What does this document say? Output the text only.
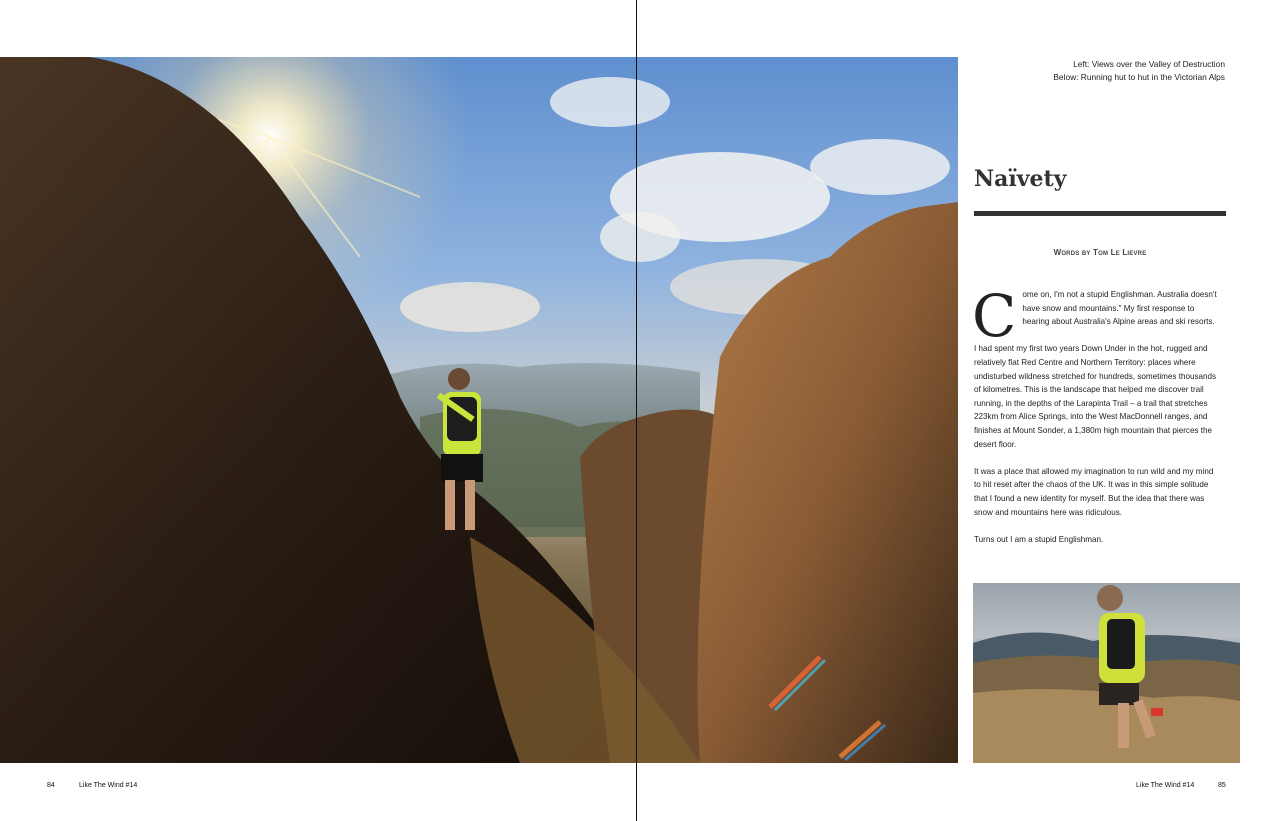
Left: Views over the Valley of Destruction
Below: Running hut to hut in the Victorian Alps
Naïvety
Words by Tom Le Lievre

Come on, I'm not a stupid Englishman. Australia doesn't have snow and mountains." My first response to hearing about Australia's Alpine areas and ski resorts.

I had spent my first two years Down Under in the hot, rugged and relatively flat Red Centre and Northern Territory: places where undisturbed wildness stretched for hundreds, sometimes thousands of kilometres. This is the landscape that helped me discover trail running, in the depths of the Larapinta Trail – a trail that stretches 223km from Alice Springs, into the West MacDonnell ranges, and finishes at Mount Sonder, a 1,380m high mountain that pierces the desert floor.

It was a place that allowed my imagination to run wild and my mind to hit reset after the chaos of the UK. It was in this simple solitude that I found a new identity for myself. But the idea that there was snow and mountains here was ridiculous.

Turns out I am a stupid Englishman.

84	Like The Wind #14	Like The Wind #14	85
